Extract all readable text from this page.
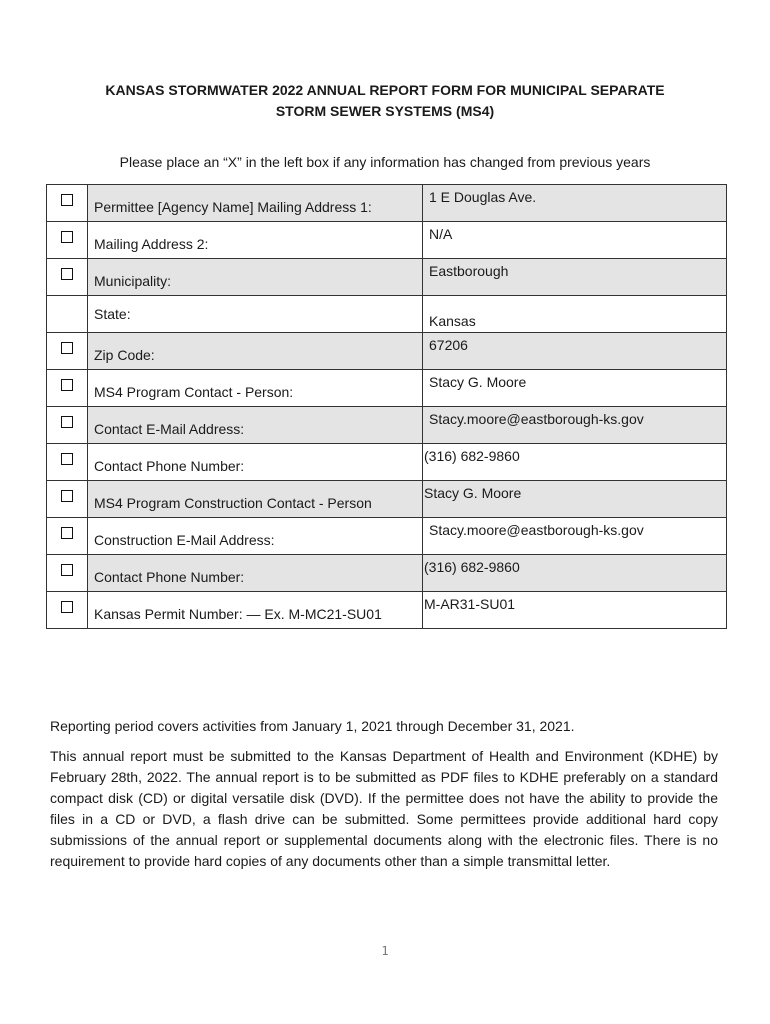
KANSAS STORMWATER 2022 ANNUAL REPORT FORM FOR MUNICIPAL SEPARATE
STORM SEWER SYSTEMS (MS4)
Please place an “X” in the left box if any information has changed from previous years

	Permittee [Agency Name] Mailing Address 1:	1 E Douglas Ave.

	Mailing Address 2:	N/A

	Municipality:	Eastborough

	State:	Kansas

	Zip Code:	67206

	MS4 Program Contact - Person:	Stacy G. Moore

	Contact E-Mail Address:	Stacy.moore@eastborough-ks.gov

	Contact Phone Number:	(316) 682-9860

	MS4 Program Construction Contact - Person	Stacy G. Moore

	Construction E-Mail Address:	Stacy.moore@eastborough-ks.gov

	Contact Phone Number:	(316) 682-9860

	Kansas Permit Number: — Ex. M-MC21-SU01	M-AR31-SU01
Reporting period covers activities from January 1, 2021 through December 31, 2021.
This annual report must be submitted to the Kansas Department of Health and Environment (KDHE) by February 28th, 2022. The annual report is to be submitted as PDF files to KDHE preferably on a standard compact disk (CD) or digital versatile disk (DVD). If the permittee does not have the ability to provide the files in a CD or DVD, a flash drive can be submitted. Some permittees provide additional hard copy submissions of the annual report or supplemental documents along with the electronic files. There is no requirement to provide hard copies of any documents other than a simple transmittal letter.
1
